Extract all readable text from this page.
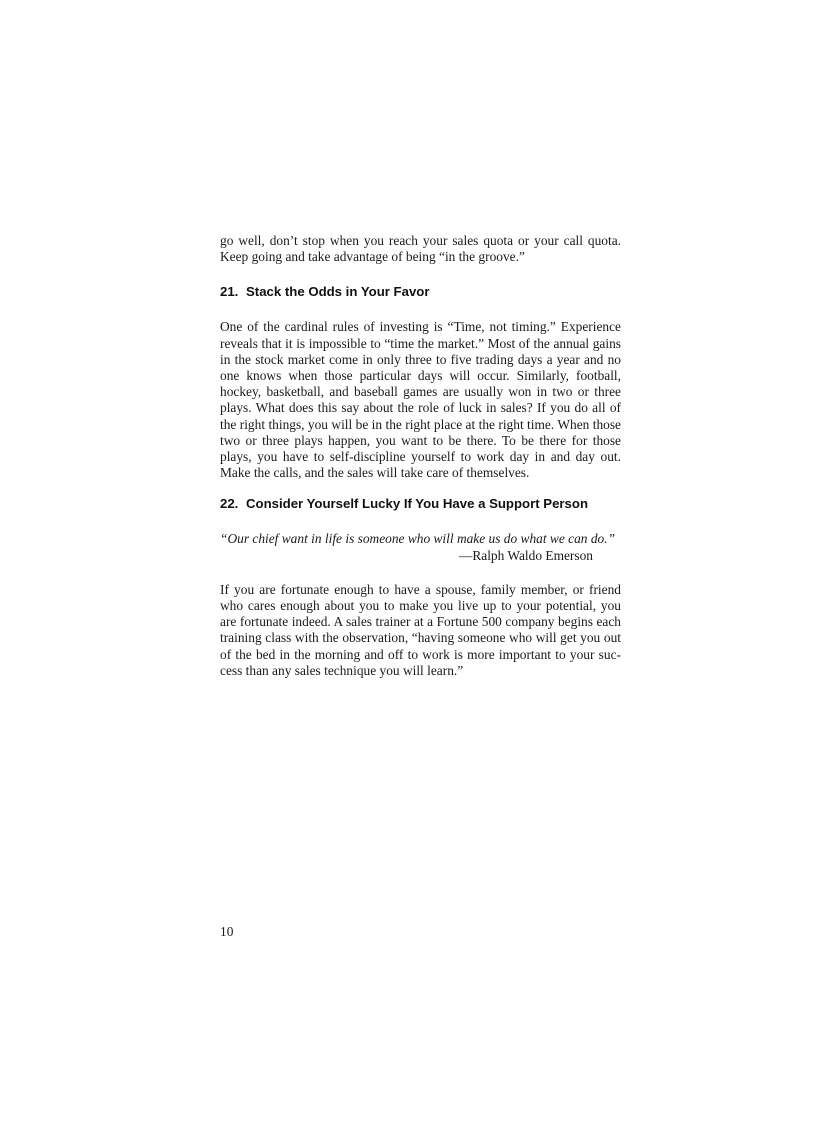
go well, don’t stop when you reach your sales quota or your call quota. Keep going and take advantage of being “in the groove.”

21. Stack the Odds in Your Favor

One of the cardinal rules of investing is “Time, not timing.” Experience reveals that it is impossible to “time the market.” Most of the annual gains in the stock market come in only three to five trading days a year and no one knows when those particular days will occur. Similarly, football, hockey, basketball, and baseball games are usually won in two or three plays. What does this say about the role of luck in sales? If you do all of the right things, you will be in the right place at the right time. When those two or three plays happen, you want to be there. To be there for those plays, you have to self-discipline yourself to work day in and day out. Make the calls, and the sales will take care of themselves.

22. Consider Yourself Lucky If You Have a Support Person

“Our chief want in life is someone who will make us do what we can do.”

—Ralph Waldo Emerson

If you are fortunate enough to have a spouse, family member, or friend who cares enough about you to make you live up to your potential, you are fortunate indeed. A sales trainer at a Fortune 500 company begins each training class with the observation, “having someone who will get you out of the bed in the morning and off to work is more important to your success than any sales technique you will learn.”

10
